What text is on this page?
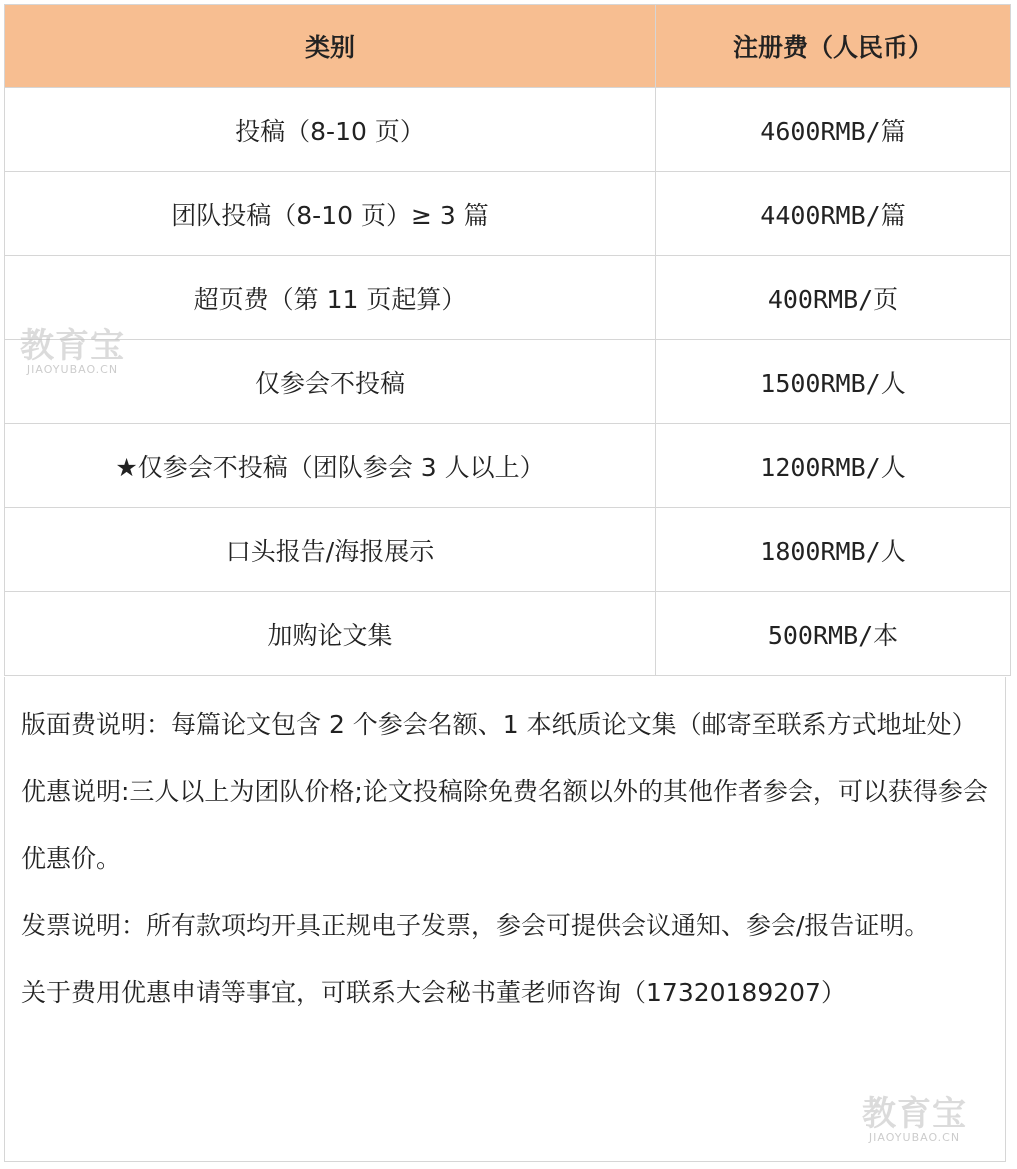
类别	注册费（人民币）
投稿（8-10 页）	4600RMB/篇
团队投稿（8-10 页）≥ 3 篇	4400RMB/篇
超页费（第 11 页起算）	400RMB/页
仅参会不投稿	1500RMB/人
★仅参会不投稿（团队参会 3 人以上）	1200RMB/人
口头报告/海报展示	1800RMB/人
加购论文集	500RMB/本

版面费说明：每篇论文包含 2 个参会名额、1 本纸质论文集（邮寄至联系方式地址处）

优惠说明:三人以上为团队价格;论文投稿除免费名额以外的其他作者参会，可以获得参会优惠价。

发票说明：所有款项均开具正规电子发票，参会可提供会议通知、参会/报告证明。

关于费用优惠申请等事宜，可联系大会秘书董老师咨询（17320189207）

教育宝
JIAOYUBAO.CN
教育宝
JIAOYUBAO.CN
